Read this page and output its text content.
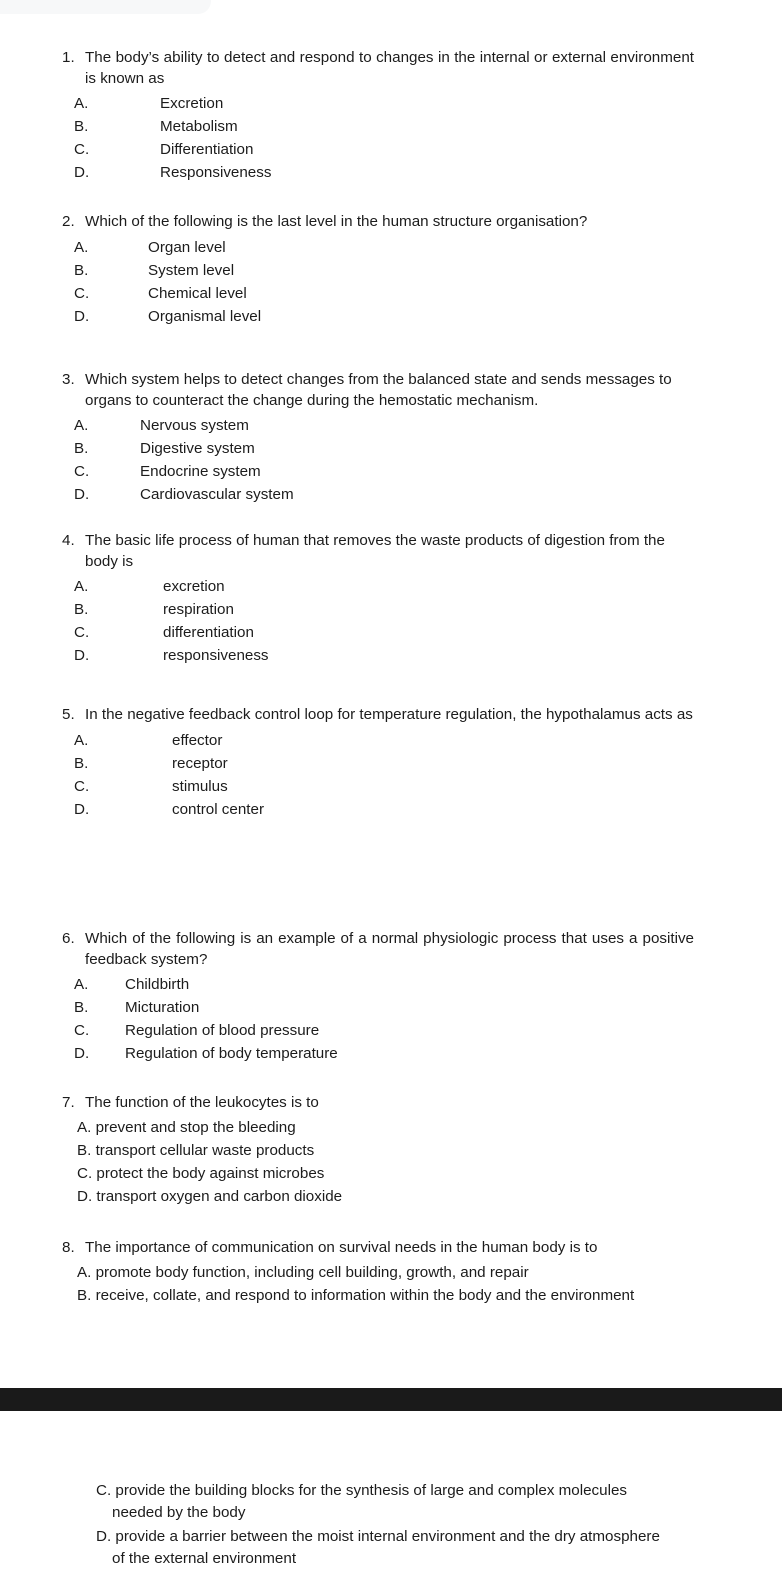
1. The body’s ability to detect and respond to changes in the internal or external environment is known as
A.	Excretion
B.	Metabolism
C.	Differentiation
D.	Responsiveness
2. Which of the following is the last level in the human structure organisation?
A.	Organ level
B.	System level
C.	Chemical level
D.	Organismal level
3. Which system helps to detect changes from the balanced state and sends messages to organs to counteract the change during the hemostatic mechanism.
A.	Nervous system
B.	Digestive system
C.	Endocrine system
D.	Cardiovascular system
4. The basic life process of human that removes the waste products of digestion from the body is
A.	excretion
B.	respiration
C.	differentiation
D.	responsiveness
5. In the negative feedback control loop for temperature regulation, the hypothalamus acts as
A.	effector
B.	receptor
C.	stimulus
D.	control center
6. Which of the following is an example of a normal physiologic process that uses a positive feedback system?
A.	Childbirth
B.	Micturation
C.	Regulation of blood pressure
D.	Regulation of body temperature
7. The function of the leukocytes is to
A. prevent and stop the bleeding
B. transport cellular waste products
C. protect the body against microbes
D. transport oxygen and carbon dioxide
8. The importance of communication on survival needs in the human body is to
A. promote body function, including cell building, growth, and repair
B. receive, collate, and respond to information within the body and the environment
C. provide the building blocks for the synthesis of large and complex molecules needed by the body
D. provide a barrier between the moist internal environment and the dry atmosphere of the external environment
